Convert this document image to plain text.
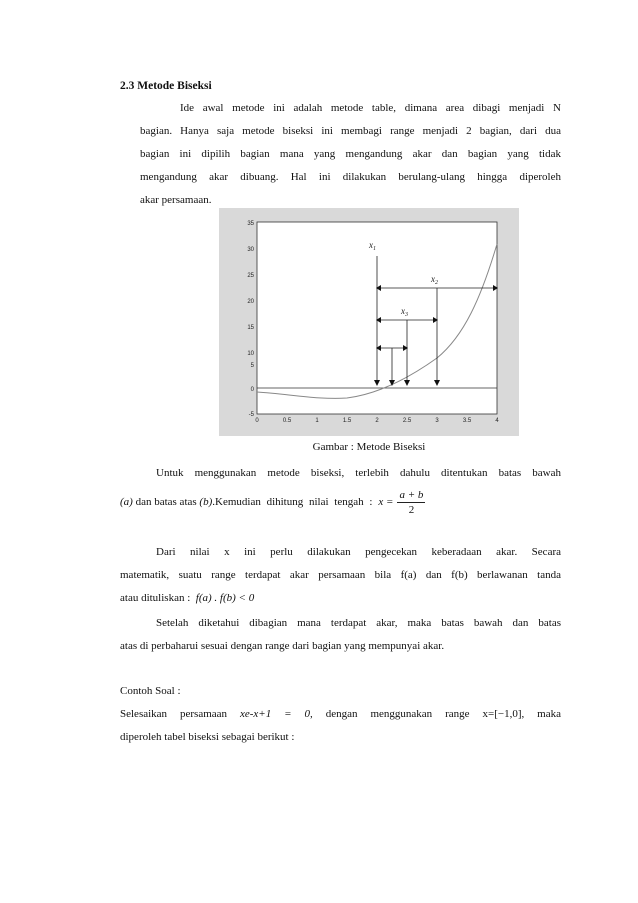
2.3 Metode Biseksi
Ide awal metode ini adalah metode table, dimana area dibagi menjadi N
bagian. Hanya saja metode biseksi ini membagi range menjadi 2 bagian, dari dua
bagian ini dipilih bagian mana yang mengandung akar dan bagian yang tidak
mengandung akar dibuang. Hal ini dilakukan berulang-ulang hingga diperoleh
akar persamaan.
35
30
25
20
15
10
5
0
-5
0	0.5	1	1.5	2	2.5	3	3.5	4
$x_1$
$x_2$
$x_3$
Gambar : Metode Biseksi
Untuk menggunakan metode biseksi, terlebih dahulu ditentukan batas bawah
(a) dan batas atas (b) .Kemudian dihitung nilai tengah : $x = \frac{a + b}{2}$
Dari nilai x ini perlu dilakukan pengecekan keberadaan akar. Secara
matematik, suatu range terdapat akar persamaan bila f(a) dan f(b) berlawanan tanda
atau dituliskan : f(a) . f(b) < 0
Setelah diketahui dibagian mana terdapat akar, maka batas bawah dan batas
atas di perbaharui sesuai dengan range dari bagian yang mempunyai akar.
Contoh Soal :
Selesaikan persamaan xe-x+1 = 0, dengan menggunakan range x=[−1,0], maka
diperoleh tabel biseksi sebagai berikut :
